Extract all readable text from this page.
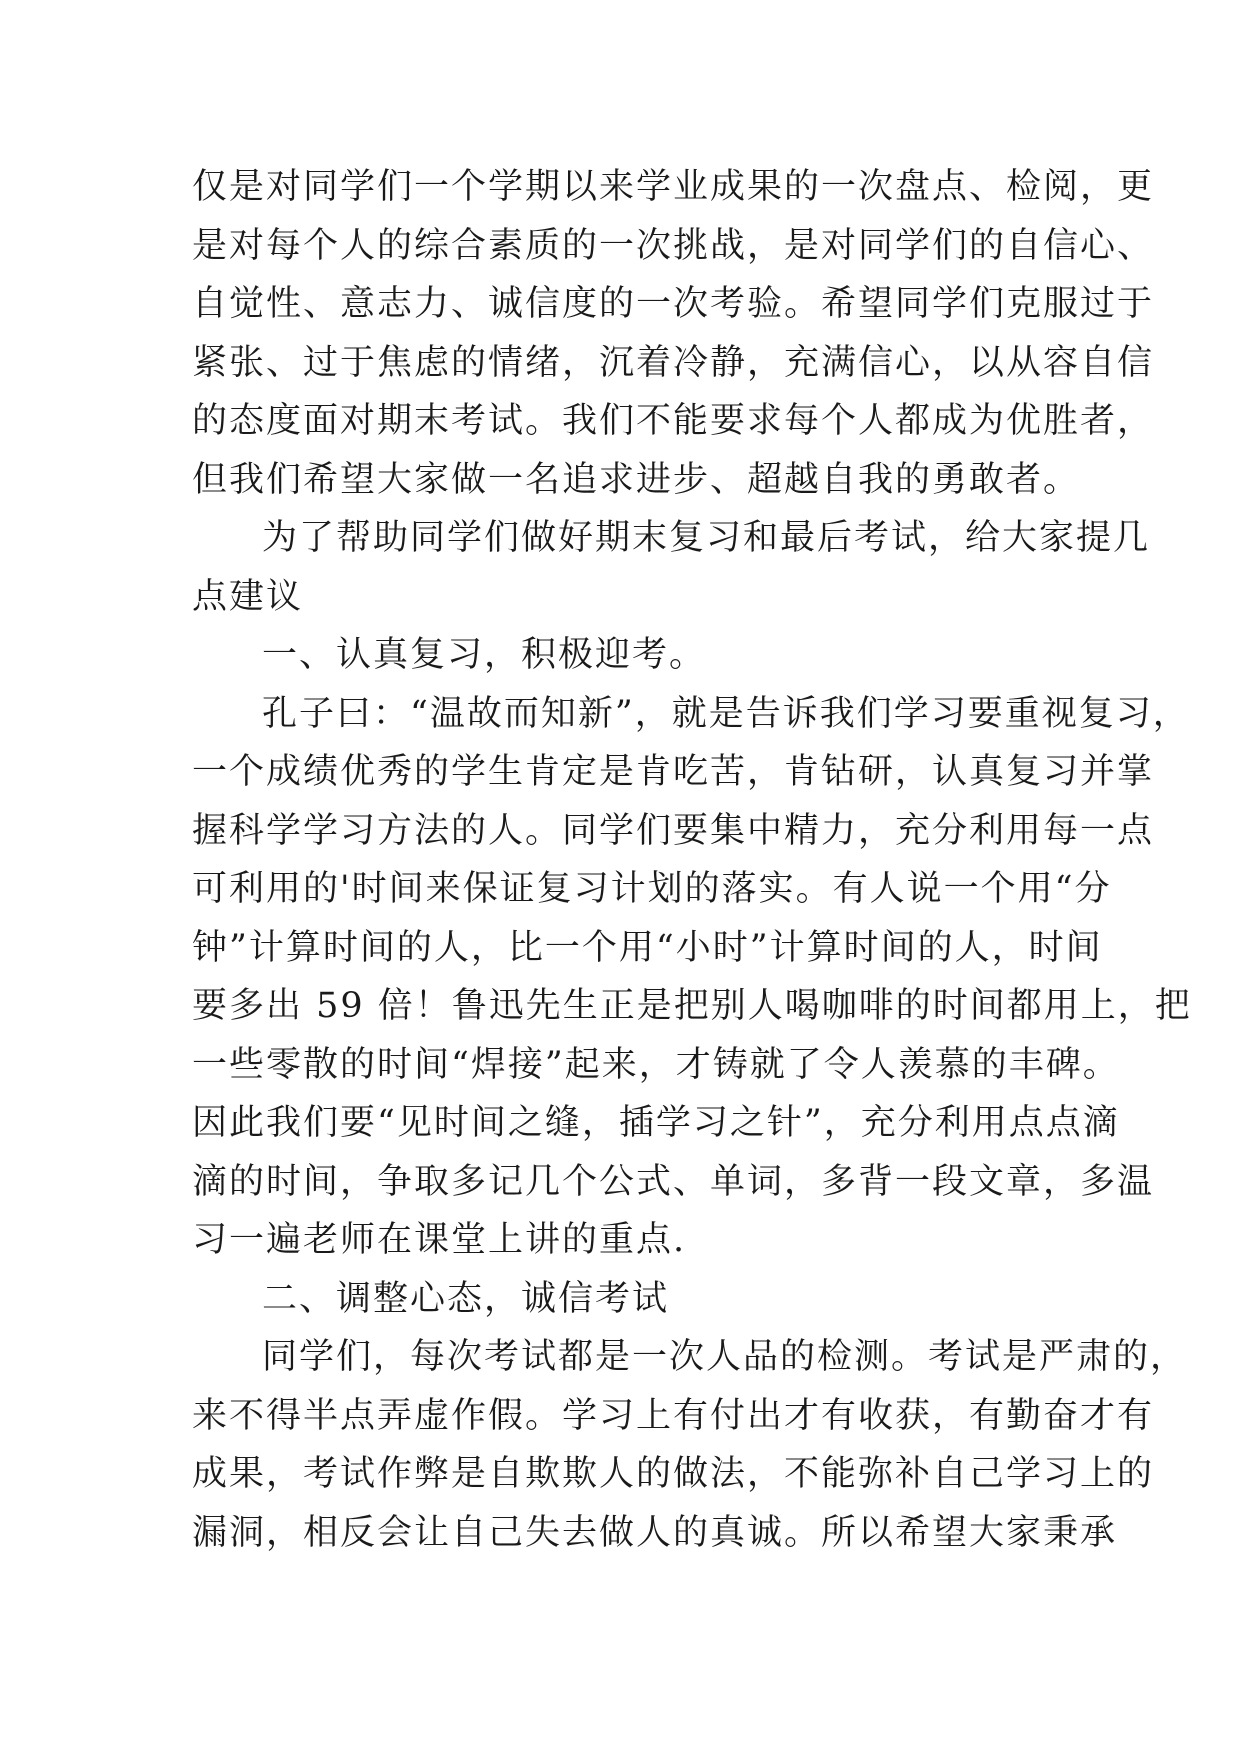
仅是对同学们一个学期以来学业成果的一次盘点、检阅，更
是对每个人的综合素质的一次挑战，是对同学们的自信心、
自觉性、意志力、诚信度的一次考验。希望同学们克服过于
紧张、过于焦虑的情绪，沉着冷静，充满信心，以从容自信
的态度面对期末考试。我们不能要求每个人都成为优胜者，
但我们希望大家做一名追求进步、超越自我的勇敢者。
为了帮助同学们做好期末复习和最后考试，给大家提几
点建议
一、认真复习，积极迎考。
孔子曰：“温故而知新”，就是告诉我们学习要重视复习，
一个成绩优秀的学生肯定是肯吃苦，肯钻研，认真复习并掌
握科学学习方法的人。同学们要集中精力，充分利用每一点
可利用的'时间来保证复习计划的落实。有人说一个用“分
钟”计算时间的人，比一个用“小时”计算时间的人，时间
要多出 59 倍！鲁迅先生正是把别人喝咖啡的时间都用上，把
一些零散的时间“焊接”起来，才铸就了令人羡慕的丰碑。
因此我们要“见时间之缝，插学习之针”，充分利用点点滴
滴的时间，争取多记几个公式、单词，多背一段文章，多温
习一遍老师在课堂上讲的重点.
二、调整心态，诚信考试
同学们，每次考试都是一次人品的检测。考试是严肃的，
来不得半点弄虚作假。学习上有付出才有收获，有勤奋才有
成果，考试作弊是自欺欺人的做法，不能弥补自己学习上的
漏洞，相反会让自己失去做人的真诚。所以希望大家秉承
